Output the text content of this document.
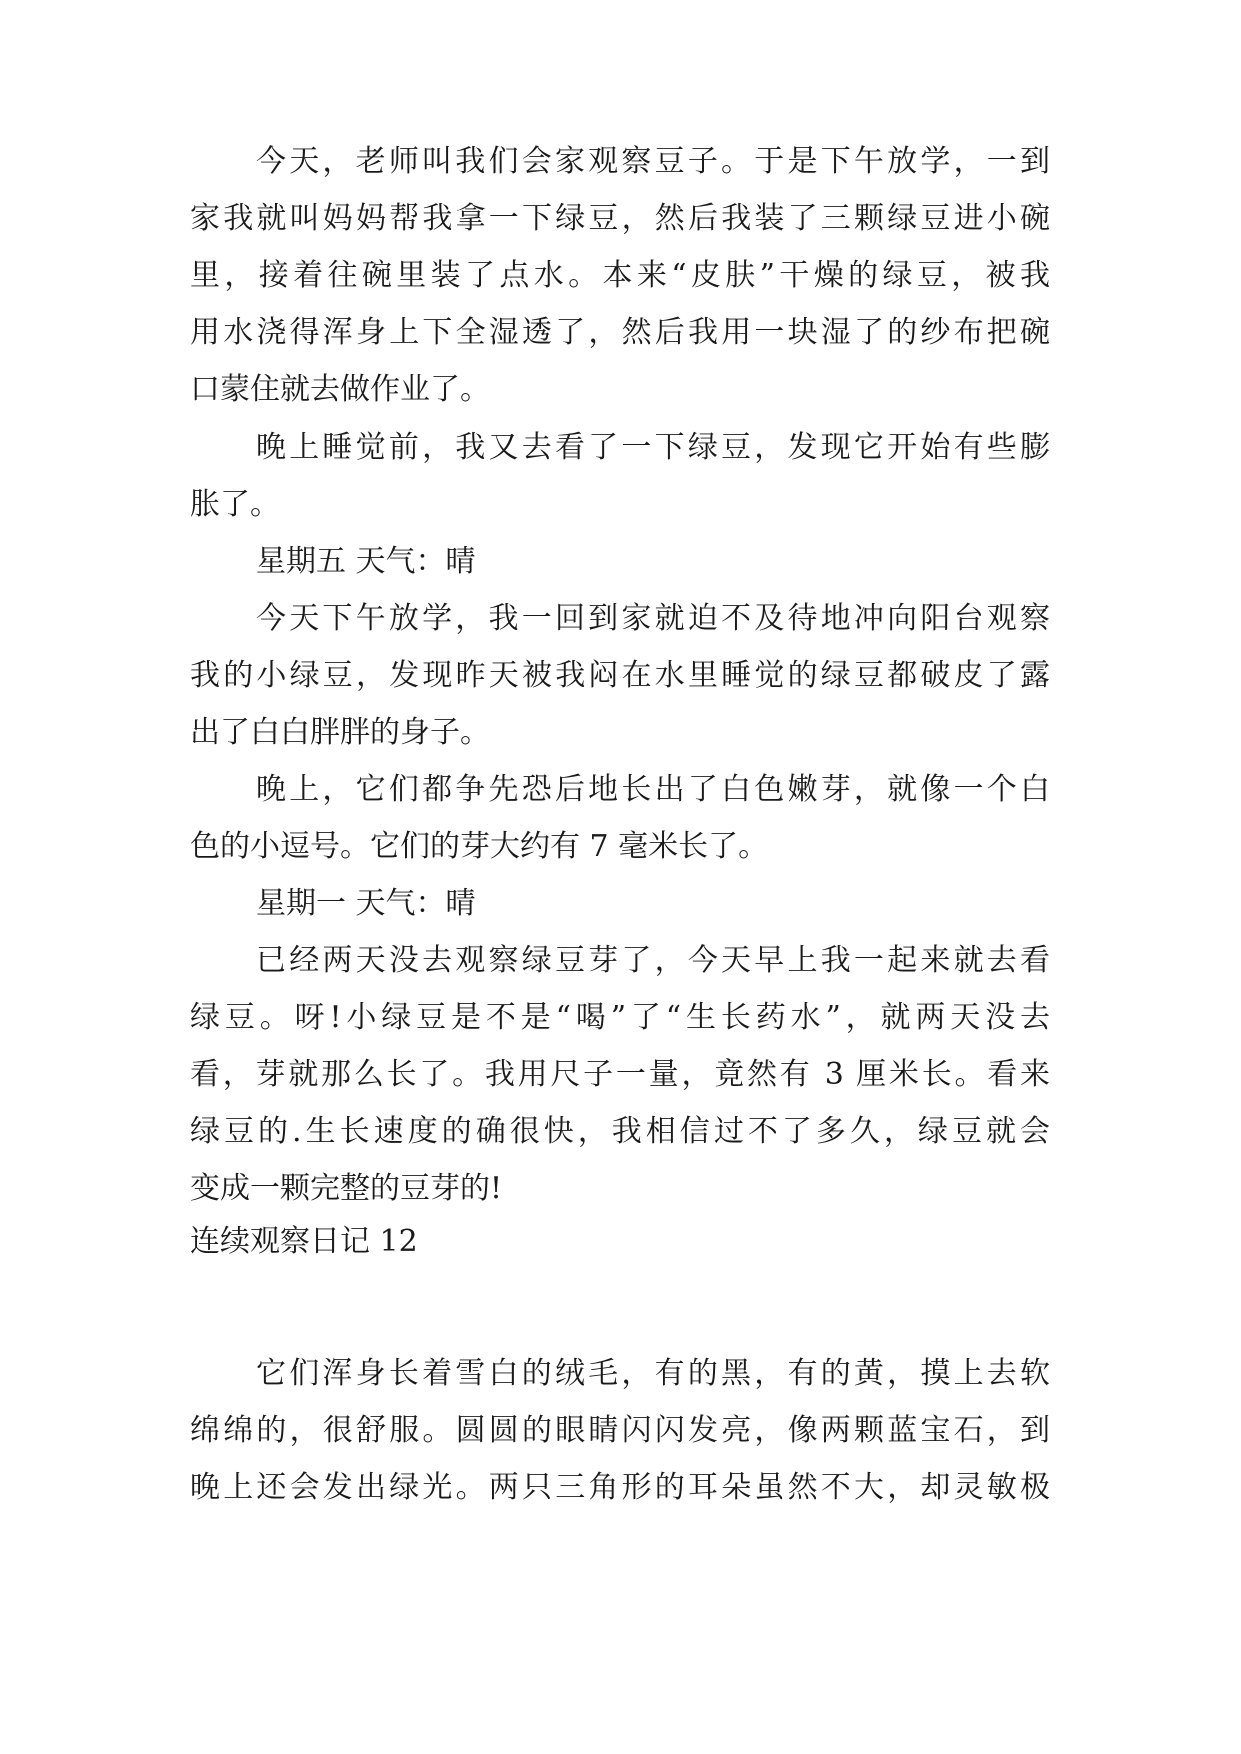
今天，老师叫我们会家观察豆子。于是下午放学，一到
家我就叫妈妈帮我拿一下绿豆，然后我装了三颗绿豆进小碗
里，接着往碗里装了点水。本来“皮肤”干燥的绿豆，被我
用水浇得浑身上下全湿透了，然后我用一块湿了的纱布把碗
口蒙住就去做作业了。
晚上睡觉前，我又去看了一下绿豆，发现它开始有些膨
胀了。
星期五 天气：晴
今天下午放学，我一回到家就迫不及待地冲向阳台观察
我的小绿豆，发现昨天被我闷在水里睡觉的绿豆都破皮了露
出了白白胖胖的身子。
晚上，它们都争先恐后地长出了白色嫩芽，就像一个白
色的小逗号。它们的芽大约有 7 毫米长了。
星期一 天气：晴
已经两天没去观察绿豆芽了，今天早上我一起来就去看
绿豆。呀!小绿豆是不是“喝”了“生长药水”，就两天没去
看，芽就那么长了。我用尺子一量，竟然有 3 厘米长。看来
绿豆的.生长速度的确很快，我相信过不了多久，绿豆就会
变成一颗完整的豆芽的!
连续观察日记 12
它们浑身长着雪白的绒毛，有的黑，有的黄，摸上去软
绵绵的，很舒服。圆圆的眼睛闪闪发亮，像两颗蓝宝石，到
晚上还会发出绿光。两只三角形的耳朵虽然不大，却灵敏极
